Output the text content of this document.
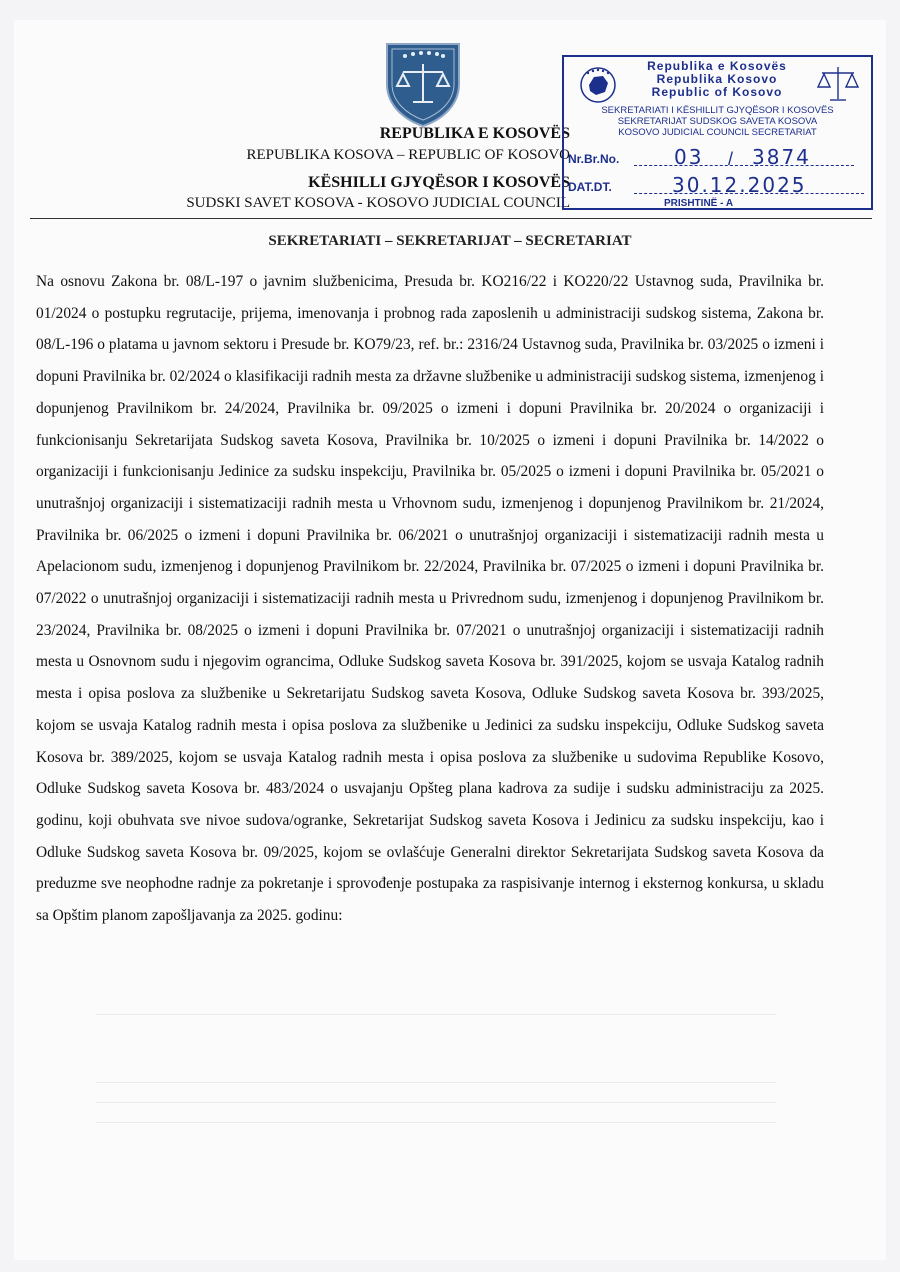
REPUBLIKA E KOSOVËS
REPUBLIKA KOSOVA – REPUBLIC OF KOSOVO
KËSHILLI GJYQËSOR I KOSOVËS
SUDSKI SAVET KOSOVA - KOSOVO JUDICIAL COUNCIL
Republika e Kosovës
Republika Kosovo
Republic of Kosovo
SEKRETARIATI I KËSHILLIT GJYQËSOR I KOSOVËS
SEKRETARIJAT SUDSKOG SAVETA KOSOVA
KOSOVO JUDICIAL COUNCIL SECRETARIAT
Nr.Br.No.	03 / 3874
DAT.DT.	30.12.2025
PRISHTINË - A
SEKRETARIATI – SEKRETARIJAT – SECRETARIAT
Na osnovu Zakona br. 08/L-197 o javnim službenicima, Presuda br. KO216/22 i KO220/22 Ustavnog suda, Pravilnika br. 01/2024 o postupku regrutacije, prijema, imenovanja i probnog rada zaposlenih u administraciji sudskog sistema, Zakona br. 08/L-196 o platama u javnom sektoru i Presude br. KO79/23, ref. br.: 2316/24 Ustavnog suda, Pravilnika br. 03/2025 o izmeni i dopuni Pravilnika br. 02/2024 o klasifikaciji radnih mesta za državne službenike u administraciji sudskog sistema, izmenjenog i dopunjenog Pravilnikom br. 24/2024, Pravilnika br. 09/2025 o izmeni i dopuni Pravilnika br. 20/2024 o organizaciji i funkcionisanju Sekretarijata Sudskog saveta Kosova, Pravilnika br. 10/2025 o izmeni i dopuni Pravilnika br. 14/2022 o organizaciji i funkcionisanju Jedinice za sudsku inspekciju, Pravilnika br. 05/2025 o izmeni i dopuni Pravilnika br. 05/2021 o unutrašnjoj organizaciji i sistematizaciji radnih mesta u Vrhovnom sudu, izmenjenog i dopunjenog Pravilnikom br. 21/2024, Pravilnika br. 06/2025 o izmeni i dopuni Pravilnika br. 06/2021 o unutrašnjoj organizaciji i sistematizaciji radnih mesta u Apelacionom sudu, izmenjenog i dopunjenog Pravilnikom br. 22/2024, Pravilnika br. 07/2025 o izmeni i dopuni Pravilnika br. 07/2022 o unutrašnjoj organizaciji i sistematizaciji radnih mesta u Privrednom sudu, izmenjenog i dopunjenog Pravilnikom br. 23/2024, Pravilnika br. 08/2025 o izmeni i dopuni Pravilnika br. 07/2021 o unutrašnjoj organizaciji i sistematizaciji radnih mesta u Osnovnom sudu i njegovim ograncima, Odluke Sudskog saveta Kosova br. 391/2025, kojom se usvaja Katalog radnih mesta i opisa poslova za službenike u Sekretarijatu Sudskog saveta Kosova, Odluke Sudskog saveta Kosova br. 393/2025, kojom se usvaja Katalog radnih mesta i opisa poslova za službenike u Jedinici za sudsku inspekciju, Odluke Sudskog saveta Kosova br. 389/2025, kojom se usvaja Katalog radnih mesta i opisa poslova za službenike u sudovima Republike Kosovo, Odluke Sudskog saveta Kosova br. 483/2024 o usvajanju Opšteg plana kadrova za sudije i sudsku administraciju za 2025. godinu, koji obuhvata sve nivoe sudova/ogranke, Sekretarijat Sudskog saveta Kosova i Jedinicu za sudsku inspekciju, kao i Odluke Sudskog saveta Kosova br. 09/2025, kojom se ovlašćuje Generalni direktor Sekretarijata Sudskog saveta Kosova da preduzme sve neophodne radnje za pokretanje i sprovođenje postupaka za raspisivanje internog i eksternog konkursa, u skladu sa Opštim planom zapošljavanja za 2025. godinu:
